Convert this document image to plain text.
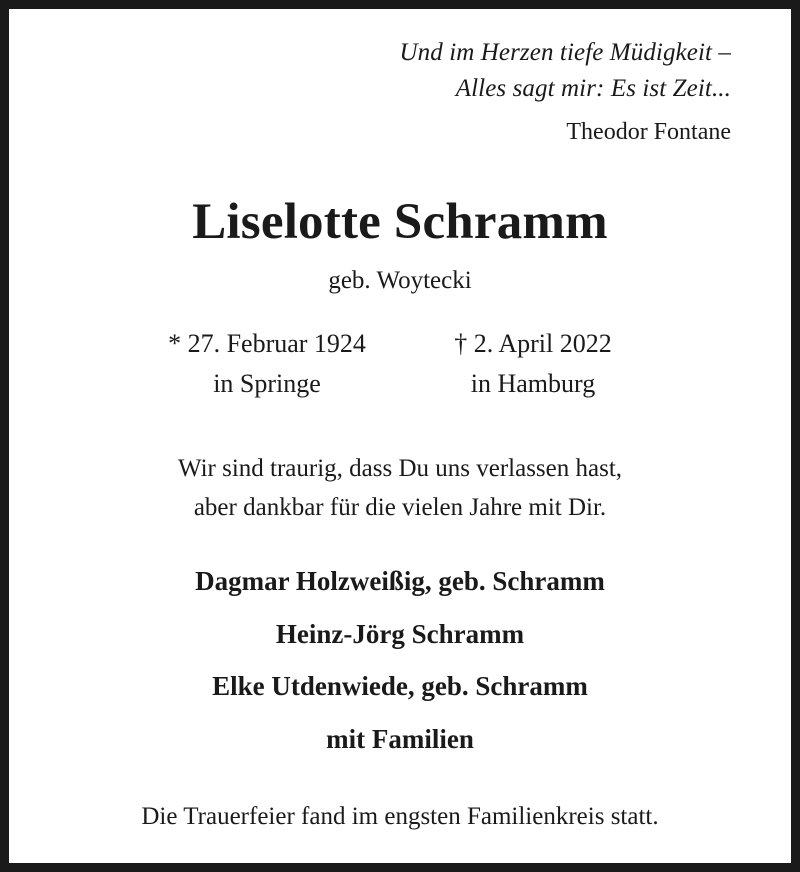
Und im Herzen tiefe Müdigkeit –
Alles sagt mir: Es ist Zeit...
Theodor Fontane
Liselotte Schramm
geb. Woytecki
* 27. Februar 1924
in Springe
† 2. April 2022
in Hamburg
Wir sind traurig, dass Du uns verlassen hast,
aber dankbar für die vielen Jahre mit Dir.
Dagmar Holzweißig, geb. Schramm
Heinz-Jörg Schramm
Elke Utdenwiede, geb. Schramm
mit Familien
Die Trauerfeier fand im engsten Familienkreis statt.
